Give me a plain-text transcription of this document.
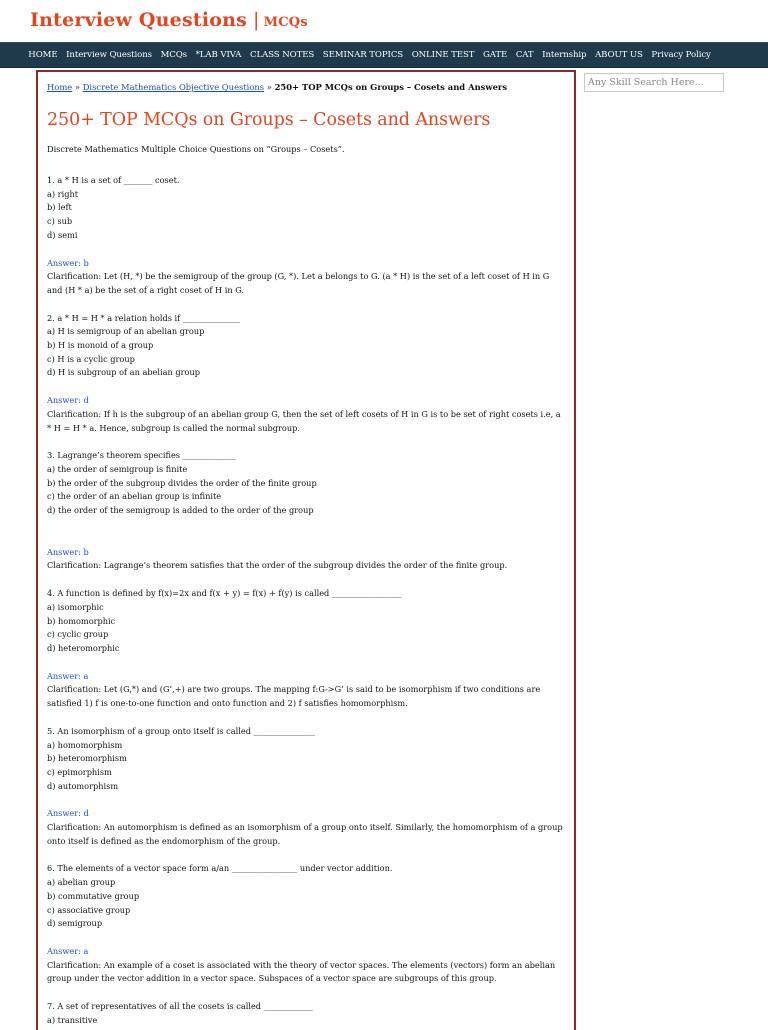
Interview Questions | MCQs
HOME Interview Questions MCQs *LAB VIVA CLASS NOTES SEMINAR TOPICS ONLINE TEST GATE CAT Internship ABOUT US Privacy Policy
Home » Discrete Mathematics Objective Questions » 250+ TOP MCQs on Groups – Cosets and Answers
250+ TOP MCQs on Groups – Cosets and Answers

Discrete Mathematics Multiple Choice Questions on “Groups – Cosets”.

1. a * H is a set of _______ coset.
a) right
b) left
c) sub
d) semi
Answer: b
Clarification: Let (H, *) be the semigroup of the group (G, *). Let a belongs to G. (a * H) is the set of a left coset of H in G and (H * a) be the set of a right coset of H in G.
2. a * H = H * a relation holds if ______________
a) H is semigroup of an abelian group
b) H is monoid of a group
c) H is a cyclic group
d) H is subgroup of an abelian group
Answer: d
Clarification: If h is the subgroup of an abelian group G, then the set of left cosets of H in G is to be set of right cosets i.e, a * H = H * a. Hence, subgroup is called the normal subgroup.
3. Lagrange’s theorem specifies _____________
a) the order of semigroup is finite
b) the order of the subgroup divides the order of the finite group
c) the order of an abelian group is infinite
d) the order of the semigroup is added to the order of the group
Answer: b
Clarification: Lagrange’s theorem satisfies that the order of the subgroup divides the order of the finite group.
4. A function is defined by f(x)=2x and f(x + y) = f(x) + f(y) is called _________________
a) isomorphic
b) homomorphic
c) cyclic group
d) heteromorphic
Answer: a
Clarification: Let (G,*) and (G’,+) are two groups. The mapping f:G->G’ is said to be isomorphism if two conditions are satisfied 1) f is one-to-one function and onto function and 2) f satisfies homomorphism.
5. An isomorphism of a group onto itself is called _______________
a) homomorphism
b) heteromorphism
c) epimorphism
d) automorphism
Answer: d
Clarification: An automorphism is defined as an isomorphism of a group onto itself. Similarly, the homomorphism of a group onto itself is defined as the endomorphism of the group.
6. The elements of a vector space form a/an ________________ under vector addition.
a) abelian group
b) commutative group
c) associative group
d) semigroup
Answer: a
Clarification: An example of a coset is associated with the theory of vector spaces. The elements (vectors) form an abelian group under the vector addition in a vector space. Subspaces of a vector space are subgroups of this group.
7. A set of representatives of all the cosets is called ____________
a) transitive
Any Skill Search Here...
